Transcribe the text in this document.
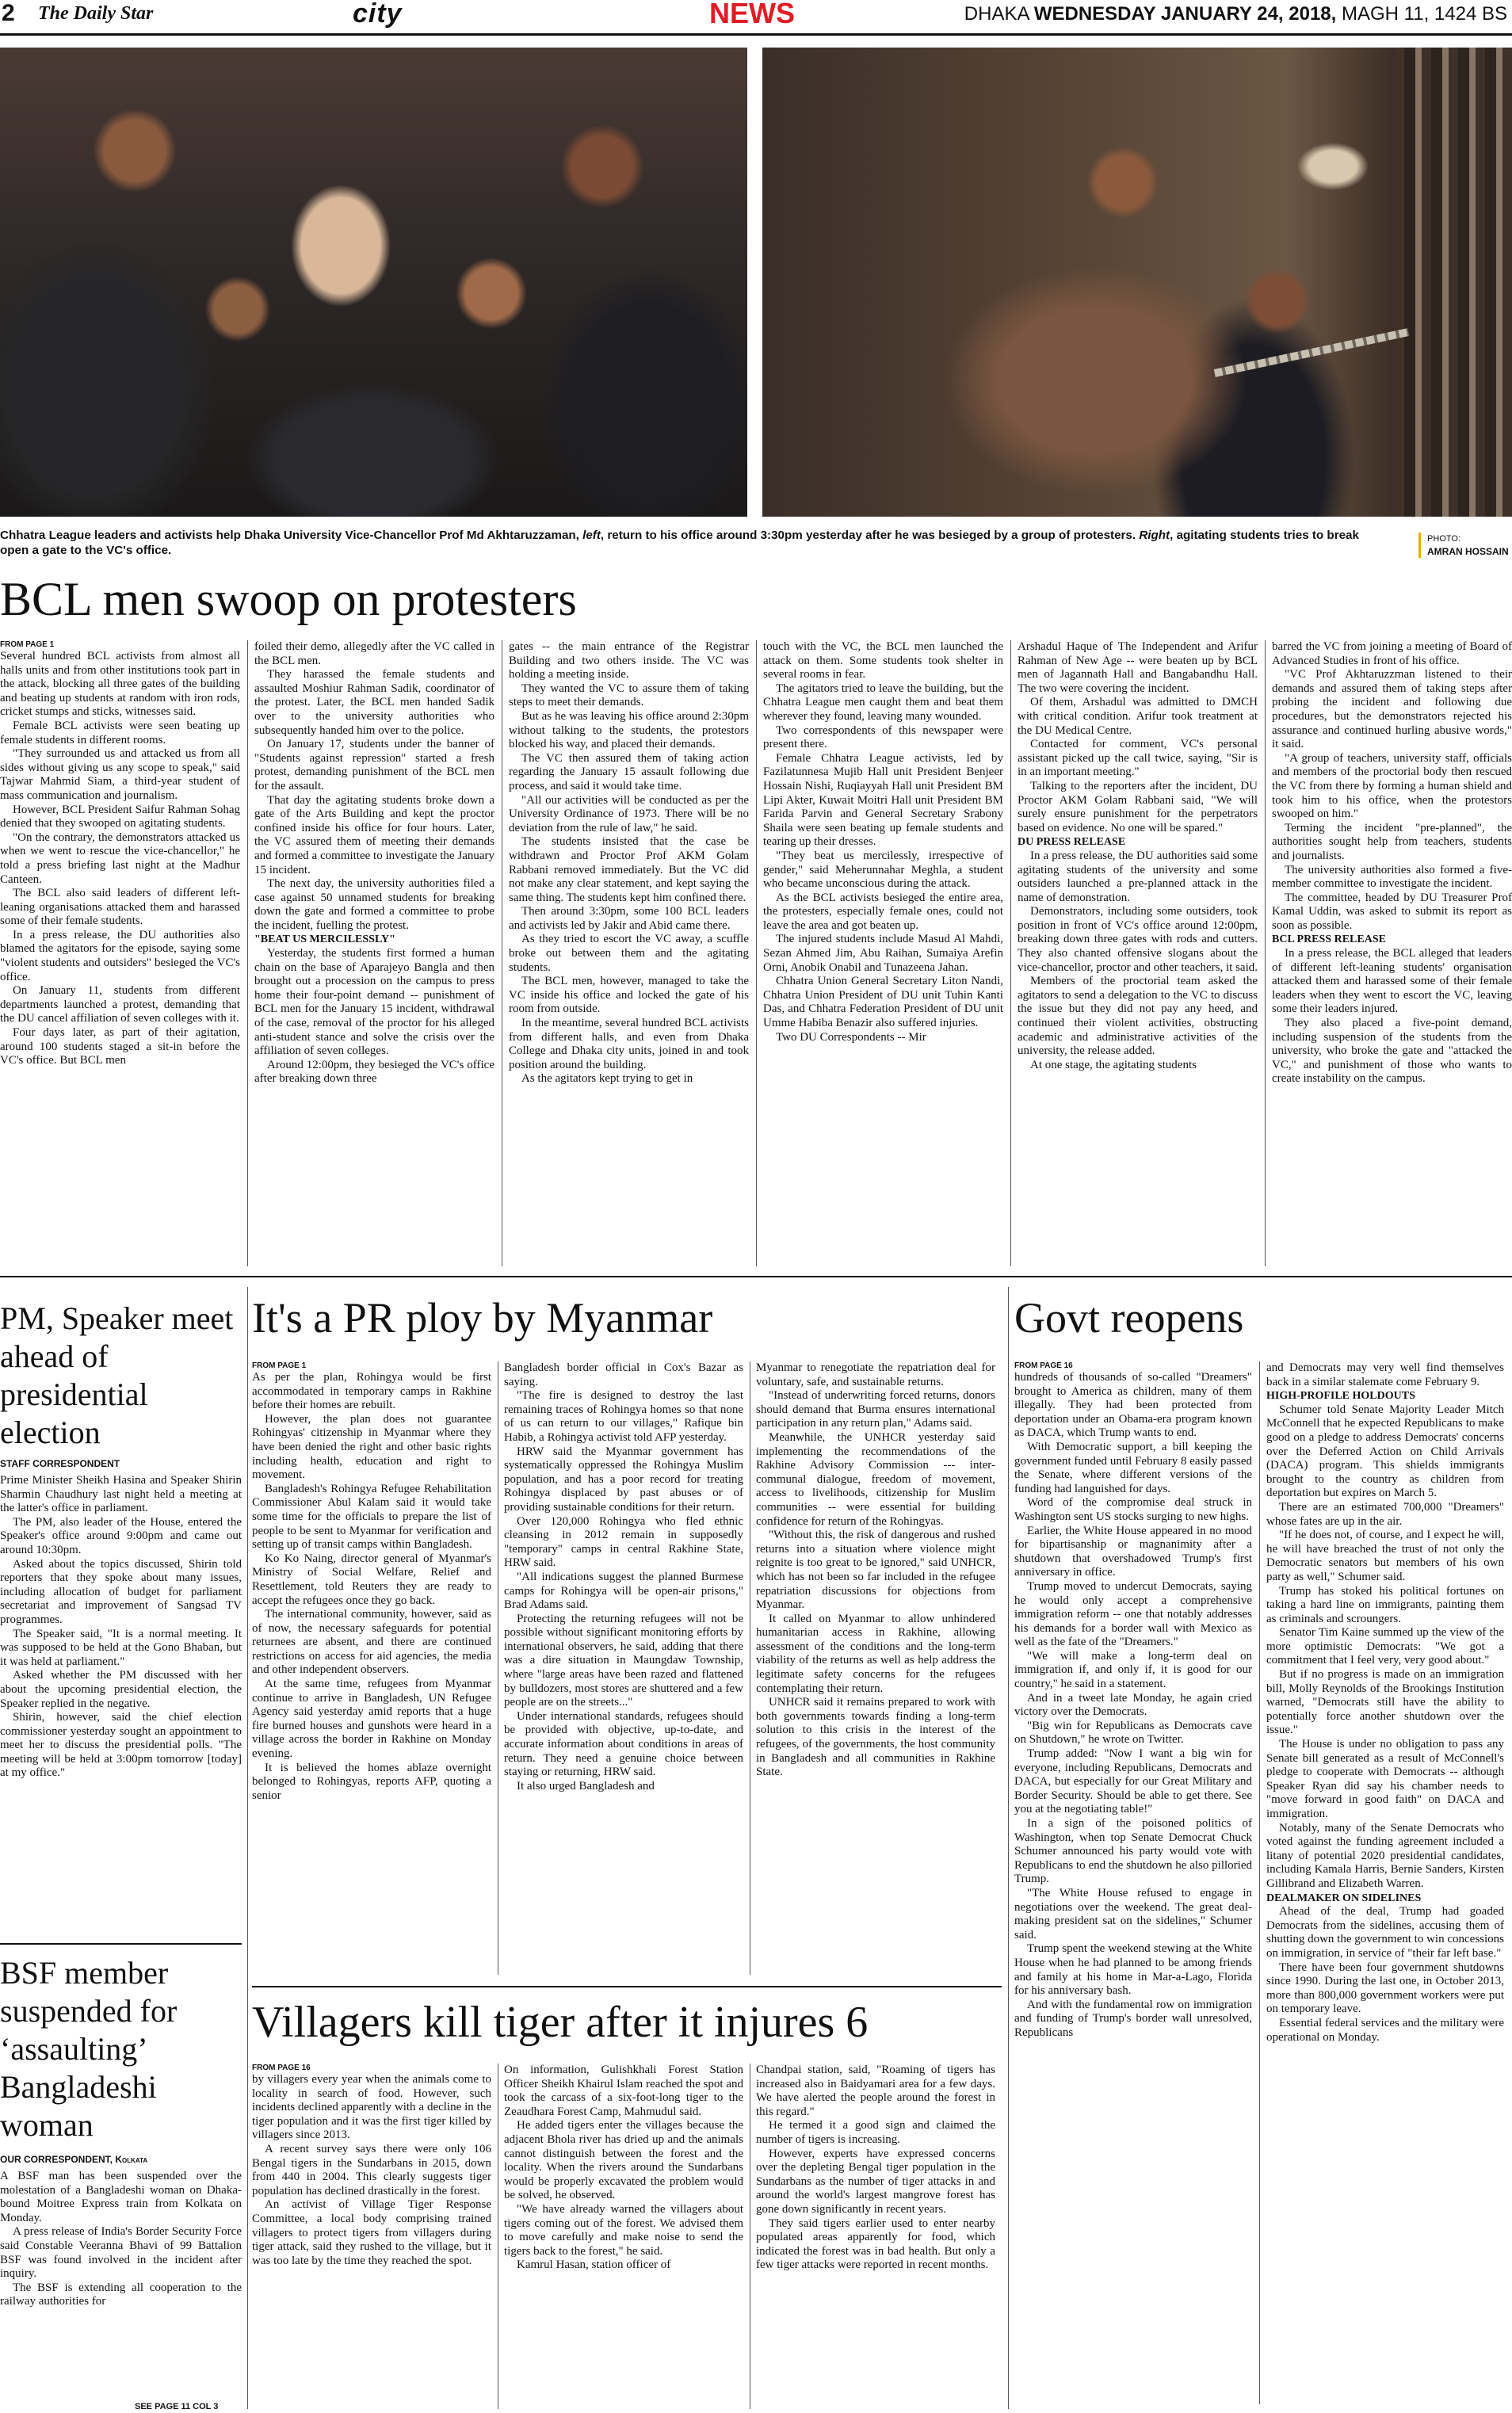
2 The Daily Star	city	NEWS	DHAKA WEDNESDAY JANUARY 24, 2018, MAGH 11, 1424 BS
Chhatra League leaders and activists help Dhaka University Vice-Chancellor Prof Md Akhtaruzzaman, left, return to his office around 3:30pm yesterday after he was besieged by a group of protesters. Right, agitating students tries to break open a gate to the VC's office.
PHOTO:
AMRAN HOSSAIN
BCL men swoop on protesters
PM, Speaker meet ahead of presidential election
STAFF CORRESPONDENT

Prime Minister Sheikh Hasina and Speaker Shirin Sharmin Chaudhury last night held a meeting at the latter's office in parliament.

The PM, also leader of the House, entered the Speaker's office around 9:00pm and came out around 10:30pm.

Asked about the topics discussed, Shirin told reporters that they spoke about many issues, including allocation of budget for parliament secretariat and improvement of Sangsad TV programmes.

The Speaker said, "It is a normal meeting. It was supposed to be held at the Gono Bhaban, but it was held at parliament."

Asked whether the PM discussed with her about the upcoming presidential election, the Speaker replied in the negative.

Shirin, however, said the chief election commissioner yesterday sought an appointment to meet her to discuss the presidential polls. "The meeting will be held at 3:00pm tomorrow [today] at my office."

BSF member suspended for ‘assaulting’ Bangladeshi woman
OUR CORRESPONDENT, Kolkata

A BSF man has been suspended over the molestation of a Bangladeshi woman on Dhaka-bound Moitree Express train from Kolkata on Monday.

A press release of India's Border Security Force said Constable Veeranna Bhavi of 99 Battalion BSF was found involved in the incident after inquiry.

The BSF is extending all cooperation to the railway authorities for

SEE PAGE 11 COL 3
It's a PR ploy by Myanmar	Govt reopens
Villagers kill tiger after it injures 6
FROM PAGE 1

Several hundred BCL activists from almost all halls units and from other institutions took part in the attack, blocking all three gates of the building and beating up students at random with iron rods, cricket stumps and sticks, witnesses said.

Female BCL activists were seen beating up female students in different rooms.

"They surrounded us and attacked us from all sides without giving us any scope to speak," said Tajwar Mahmid Siam, a third-year student of mass communication and journalism.

However, BCL President Saifur Rahman Sohag denied that they swooped on agitating students.

"On the contrary, the demonstrators attacked us when we went to rescue the vice-chancellor," he told a press briefing last night at the Madhur Canteen.

The BCL also said leaders of different left-leaning organisations attacked them and harassed some of their female students.

In a press release, the DU authorities also blamed the agitators for the episode, saying some "violent students and outsiders" besieged the VC's office.

On January 11, students from different departments launched a protest, demanding that the DU cancel affiliation of seven colleges with it.

Four days later, as part of their agitation, around 100 students staged a sit-in before the VC's office. But BCL men

foiled their demo, allegedly after the VC called in the BCL men.

They harassed the female students and assaulted Moshiur Rahman Sadik, coordinator of the protest. Later, the BCL men handed Sadik over to the university authorities who subsequently handed him over to the police.

On January 17, students under the banner of "Students against repression" started a fresh protest, demanding punishment of the BCL men for the assault.

That day the agitating students broke down a gate of the Arts Building and kept the proctor confined inside his office for four hours. Later, the VC assured them of meeting their demands and formed a committee to investigate the January 15 incident.

The next day, the university authorities filed a case against 50 unnamed students for breaking down the gate and formed a committee to probe the incident, fuelling the protest.

"BEAT US MERCILESSLY"

Yesterday, the students first formed a human chain on the base of Aparajeyo Bangla and then brought out a procession on the campus to press home their four-point demand -- punishment of BCL men for the January 15 incident, withdrawal of the case, removal of the proctor for his alleged anti-student stance and solve the crisis over the affiliation of seven colleges.

Around 12:00pm, they besieged the VC's office after breaking down three

gates -- the main entrance of the Registrar Building and two others inside. The VC was holding a meeting inside.

They wanted the VC to assure them of taking steps to meet their demands.

But as he was leaving his office around 2:30pm without talking to the students, the protestors blocked his way, and placed their demands.

The VC then assured them of taking action regarding the January 15 assault following due process, and said it would take time.

"All our activities will be conducted as per the University Ordinance of 1973. There will be no deviation from the rule of law," he said.

The students insisted that the case be withdrawn and Proctor Prof AKM Golam Rabbani removed immediately. But the VC did not make any clear statement, and kept saying the same thing. The students kept him confined there.

Then around 3:30pm, some 100 BCL leaders and activists led by Jakir and Abid came there.

As they tried to escort the VC away, a scuffle broke out between them and the agitating students.

The BCL men, however, managed to take the VC inside his office and locked the gate of his room from outside.

In the meantime, several hundred BCL activists from different halls, and even from Dhaka College and Dhaka city units, joined in and took position around the building.

As the agitators kept trying to get in

touch with the VC, the BCL men launched the attack on them. Some students took shelter in several rooms in fear.

The agitators tried to leave the building, but the Chhatra League men caught them and beat them wherever they found, leaving many wounded.

Two correspondents of this newspaper were present there.

Female Chhatra League activists, led by Fazilatunnesa Mujib Hall unit President Benjeer Hossain Nishi, Ruqiayyah Hall unit President BM Lipi Akter, Kuwait Moitri Hall unit President BM Farida Parvin and General Secretary Srabony Shaila were seen beating up female students and tearing up their dresses.

"They beat us mercilessly, irrespective of gender," said Meherunnahar Meghla, a student who became unconscious during the attack.

As the BCL activists besieged the entire area, the protesters, especially female ones, could not leave the area and got beaten up.

The injured students include Masud Al Mahdi, Sezan Ahmed Jim, Abu Raihan, Sumaiya Arefin Orni, Anobik Onabil and Tunazeena Jahan.

Chhatra Union General Secretary Liton Nandi, Chhatra Union President of DU unit Tuhin Kanti Das, and Chhatra Federation President of DU unit Umme Habiba Benazir also suffered injuries.

Two DU Correspondents -- Mir

Arshadul Haque of The Independent and Arifur Rahman of New Age -- were beaten up by BCL men of Jagannath Hall and Bangabandhu Hall. The two were covering the incident.

Of them, Arshadul was admitted to DMCH with critical condition. Arifur took treatment at the DU Medical Centre.

Contacted for comment, VC's personal assistant picked up the call twice, saying, "Sir is in an important meeting."

Talking to the reporters after the incident, DU Proctor AKM Golam Rabbani said, "We will surely ensure punishment for the perpetrators based on evidence. No one will be spared."

DU PRESS RELEASE

In a press release, the DU authorities said some agitating students of the university and some outsiders launched a pre-planned attack in the name of demonstration.

Demonstrators, including some outsiders, took position in front of VC's office around 12:00pm, breaking down three gates with rods and cutters. They also chanted offensive slogans about the vice-chancellor, proctor and other teachers, it said.

Members of the proctorial team asked the agitators to send a delegation to the VC to discuss the issue but they did not pay any heed, and continued their violent activities, obstructing academic and administrative activities of the university, the release added.

At one stage, the agitating students

barred the VC from joining a meeting of Board of Advanced Studies in front of his office.

"VC Prof Akhtaruzzman listened to their demands and assured them of taking steps after probing the incident and following due procedures, but the demonstrators rejected his assurance and continued hurling abusive words," it said.

"A group of teachers, university staff, officials and members of the proctorial body then rescued the VC from there by forming a human shield and took him to his office, when the protestors swooped on him."

Terming the incident "pre-planned", the authorities sought help from teachers, students and journalists.

The university authorities also formed a five-member committee to investigate the incident.

The committee, headed by DU Treasurer Prof Kamal Uddin, was asked to submit its report as soon as possible.

BCL PRESS RELEASE

In a press release, the BCL alleged that leaders of different left-leaning students' organisation attacked them and harassed some of their female leaders when they went to escort the VC, leaving some their leaders injured.

They also placed a five-point demand, including suspension of the students from the university, who broke the gate and "attacked the VC," and punishment of those who wants to create instability on the campus.

FROM PAGE 1

As per the plan, Rohingya would be first accommodated in temporary camps in Rakhine before their homes are rebuilt.

However, the plan does not guarantee Rohingyas' citizenship in Myanmar where they have been denied the right and other basic rights including health, education and right to movement.

Bangladesh's Rohingya Refugee Rehabilitation Commissioner Abul Kalam said it would take some time for the officials to prepare the list of people to be sent to Myanmar for verification and setting up of transit camps within Bangladesh.

Ko Ko Naing, director general of Myanmar's Ministry of Social Welfare, Relief and Resettlement, told Reuters they are ready to accept the refugees once they go back.

The international community, however, said as of now, the necessary safeguards for potential returnees are absent, and there are continued restrictions on access for aid agencies, the media and other independent observers.

At the same time, refugees from Myanmar continue to arrive in Bangladesh, UN Refugee Agency said yesterday amid reports that a huge fire burned houses and gunshots were heard in a village across the border in Rakhine on Monday evening.

It is believed the homes ablaze overnight belonged to Rohingyas, reports AFP, quoting a senior

Bangladesh border official in Cox's Bazar as saying.

"The fire is designed to destroy the last remaining traces of Rohingya homes so that none of us can return to our villages," Rafique bin Habib, a Rohingya activist told AFP yesterday.

HRW said the Myanmar government has systematically oppressed the Rohingya Muslim population, and has a poor record for treating Rohingya displaced by past abuses or of providing sustainable conditions for their return.

Over 120,000 Rohingya who fled ethnic cleansing in 2012 remain in supposedly "temporary" camps in central Rakhine State, HRW said.

"All indications suggest the planned Burmese camps for Rohingya will be open-air prisons," Brad Adams said.

Protecting the returning refugees will not be possible without significant monitoring efforts by international observers, he said, adding that there was a dire situation in Maungdaw Township, where "large areas have been razed and flattened by bulldozers, most stores are shuttered and a few people are on the streets..."

Under international standards, refugees should be provided with objective, up-to-date, and accurate information about conditions in areas of return. They need a genuine choice between staying or returning, HRW said.

It also urged Bangladesh and

Myanmar to renegotiate the repatriation deal for voluntary, safe, and sustainable returns.

"Instead of underwriting forced returns, donors should demand that Burma ensures international participation in any return plan," Adams said.

Meanwhile, the UNHCR yesterday said implementing the recommendations of the Rakhine Advisory Commission --- inter-communal dialogue, freedom of movement, access to livelihoods, citizenship for Muslim communities -- were essential for building confidence for return of the Rohingyas.

"Without this, the risk of dangerous and rushed returns into a situation where violence might reignite is too great to be ignored," said UNHCR, which has not been so far included in the refugee repatriation discussions for objections from Myanmar.

It called on Myanmar to allow unhindered humanitarian access in Rakhine, allowing assessment of the conditions and the long-term viability of the returns as well as help address the legitimate safety concerns for the refugees contemplating their return.

UNHCR said it remains prepared to work with both governments towards finding a long-term solution to this crisis in the interest of the refugees, of the governments, the host community in Bangladesh and all communities in Rakhine State.

FROM PAGE 16

hundreds of thousands of so-called "Dreamers" brought to America as children, many of them illegally. They had been protected from deportation under an Obama-era program known as DACA, which Trump wants to end.

With Democratic support, a bill keeping the government funded until February 8 easily passed the Senate, where different versions of the funding had languished for days.

Word of the compromise deal struck in Washington sent US stocks surging to new highs.

Earlier, the White House appeared in no mood for bipartisanship or magnanimity after a shutdown that overshadowed Trump's first anniversary in office.

Trump moved to undercut Democrats, saying he would only accept a comprehensive immigration reform -- one that notably addresses his demands for a border wall with Mexico as well as the fate of the "Dreamers."

"We will make a long-term deal on immigration if, and only if, it is good for our country," he said in a statement.

And in a tweet late Monday, he again cried victory over the Democrats.

"Big win for Republicans as Democrats cave on Shutdown," he wrote on Twitter.

Trump added: "Now I want a big win for everyone, including Republicans, Democrats and DACA, but especially for our Great Military and Border Security. Should be able to get there. See you at the negotiating table!"

In a sign of the poisoned politics of Washington, when top Senate Democrat Chuck Schumer announced his party would vote with Republicans to end the shutdown he also pilloried Trump.

"The White House refused to engage in negotiations over the weekend. The great deal-making president sat on the sidelines," Schumer said.

Trump spent the weekend stewing at the White House when he had planned to be among friends and family at his home in Mar-a-Lago, Florida for his anniversary bash.

And with the fundamental row on immigration and funding of Trump's border wall unresolved, Republicans

and Democrats may very well find themselves back in a similar stalemate come February 9.

HIGH-PROFILE HOLDOUTS

Schumer told Senate Majority Leader Mitch McConnell that he expected Republicans to make good on a pledge to address Democrats' concerns over the Deferred Action on Child Arrivals (DACA) program. This shields immigrants brought to the country as children from deportation but expires on March 5.

There are an estimated 700,000 "Dreamers" whose fates are up in the air.

"If he does not, of course, and I expect he will, he will have breached the trust of not only the Democratic senators but members of his own party as well," Schumer said.

Trump has stoked his political fortunes on taking a hard line on immigrants, painting them as criminals and scroungers.

Senator Tim Kaine summed up the view of the more optimistic Democrats: "We got a commitment that I feel very, very good about."

But if no progress is made on an immigration bill, Molly Reynolds of the Brookings Institution warned, "Democrats still have the ability to potentially force another shutdown over the issue."

The House is under no obligation to pass any Senate bill generated as a result of McConnell's pledge to cooperate with Democrats -- although Speaker Ryan did say his chamber needs to "move forward in good faith" on DACA and immigration.

Notably, many of the Senate Democrats who voted against the funding agreement included a litany of potential 2020 presidential candidates, including Kamala Harris, Bernie Sanders, Kirsten Gillibrand and Elizabeth Warren.

DEALMAKER ON SIDELINES

Ahead of the deal, Trump had goaded Democrats from the sidelines, accusing them of shutting down the government to win concessions on immigration, in service of "their far left base."

There have been four government shutdowns since 1990. During the last one, in October 2013, more than 800,000 government workers were put on temporary leave.

Essential federal services and the military were operational on Monday.

FROM PAGE 16

by villagers every year when the animals come to locality in search of food. However, such incidents declined apparently with a decline in the tiger population and it was the first tiger killed by villagers since 2013.

A recent survey says there were only 106 Bengal tigers in the Sundarbans in 2015, down from 440 in 2004. This clearly suggests tiger population has declined drastically in the forest.

An activist of Village Tiger Response Committee, a local body comprising trained villagers to protect tigers from villagers during tiger attack, said they rushed to the village, but it was too late by the time they reached the spot.

On information, Gulishkhali Forest Station Officer Sheikh Khairul Islam reached the spot and took the carcass of a six-foot-long tiger to the Zeaudhara Forest Camp, Mahmudul said.

He added tigers enter the villages because the adjacent Bhola river has dried up and the animals cannot distinguish between the forest and the locality. When the rivers around the Sundarbans would be properly excavated the problem would be solved, he observed.

"We have already warned the villagers about tigers coming out of the forest. We advised them to move carefully and make noise to send the tigers back to the forest," he said.

Kamrul Hasan, station officer of

Chandpai station, said, "Roaming of tigers has increased also in Baidyamari area for a few days. We have alerted the people around the forest in this regard."

He termed it a good sign and claimed the number of tigers is increasing.

However, experts have expressed concerns over the depleting Bengal tiger population in the Sundarbans as the number of tiger attacks in and around the world's largest mangrove forest has gone down significantly in recent years.

They said tigers earlier used to enter nearby populated areas apparently for food, which indicated the forest was in bad health. But only a few tiger attacks were reported in recent months.
